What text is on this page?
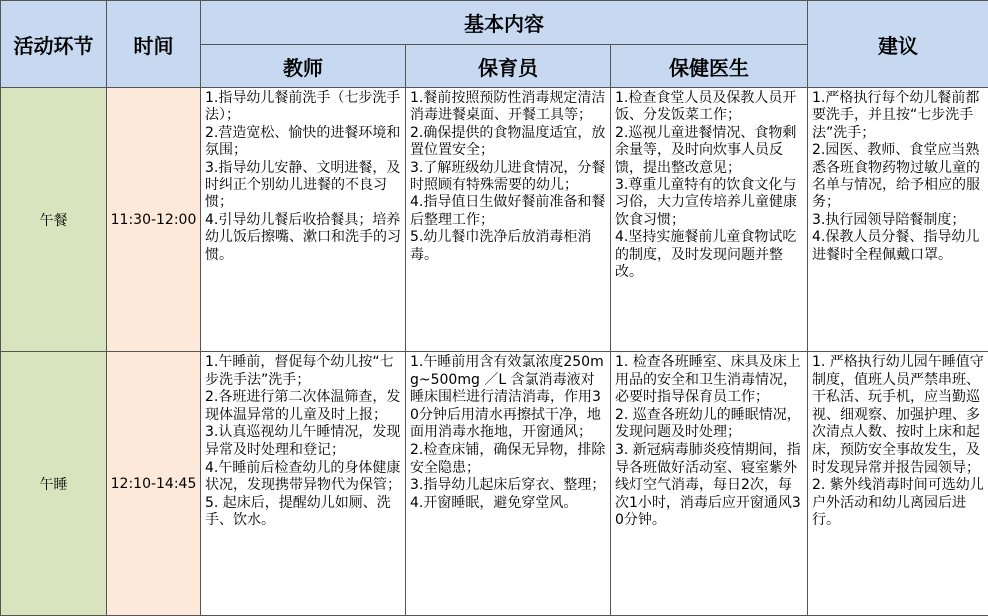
活动环节	时间	基本内容			建议
		教师	保育员	保健医生	
午餐	11:30-12:00	1.指导幼儿餐前洗手（七步洗手法）；
2.营造宽松、愉快的进餐环境和氛围；
3.指导幼儿安静、文明进餐，及时纠正个别幼儿进餐的不良习惯；
4.引导幼儿餐后收拾餐具；培养幼儿饭后擦嘴、漱口和洗手的习惯。	1.餐前按照预防性消毒规定清洁消毒进餐桌面、开餐工具等；
2.确保提供的食物温度适宜，放置位置安全；
3.了解班级幼儿进食情况，分餐时照顾有特殊需要的幼儿；
4.指导值日生做好餐前准备和餐后整理工作；
5.幼儿餐巾洗净后放消毒柜消毒。	1.检查食堂人员及保教人员开饭、分发饭菜工作；
2.巡视儿童进餐情况、食物剩余量等，及时向炊事人员反馈，提出整改意见；
3.尊重儿童特有的饮食文化与习俗，大力宣传培养儿童健康饮食习惯；
4.坚持实施餐前儿童食物试吃的制度，及时发现问题并整改。	1.严格执行每个幼儿餐前都要洗手，并且按“七步洗手法”洗手；
2.园医、教师、食堂应当熟悉各班食物药物过敏儿童的名单与情况，给予相应的服务；
3.执行园领导陪餐制度；
4.保教人员分餐、指导幼儿进餐时全程佩戴口罩。
午睡	12:10-14:45	1.午睡前，督促每个幼儿按“七步洗手法”洗手；
2.各班进行第二次体温筛查，发现体温异常的儿童及时上报；
3.认真巡视幼儿午睡情况，发现异常及时处理和登记；
4.午睡前后检查幼儿的身体健康状况，发现携带异物代为保管；
5. 起床后，提醒幼儿如厕、洗手、饮水。	1.午睡前用含有效氯浓度250mg~500mg ／L 含氯消毒液对睡床围栏进行清洁消毒，作用30分钟后用清水再擦拭干净，地面用消毒水拖地，开窗通风；
2.检查床铺，确保无异物，排除安全隐患；
3.指导幼儿起床后穿衣、整理；
4.开窗睡眠，避免穿堂风。	1. 检查各班睡室、床具及床上用品的安全和卫生消毒情况，必要时指导保育员工作；
2. 巡查各班幼儿的睡眠情况，发现问题及时处理；
3. 新冠病毒肺炎疫情期间，指导各班做好活动室、寝室紫外线灯空气消毒，每日2次，每次1小时，消毒后应开窗通风30分钟。	1. 严格执行幼儿园午睡值守制度，值班人员严禁串班、干私活、玩手机，应当勤巡视、细观察、加强护理、多次清点人数、按时上床和起床，预防安全事故发生，及时发现异常并报告园领导；
2. 紫外线消毒时间可选幼儿户外活动和幼儿离园后进行。
